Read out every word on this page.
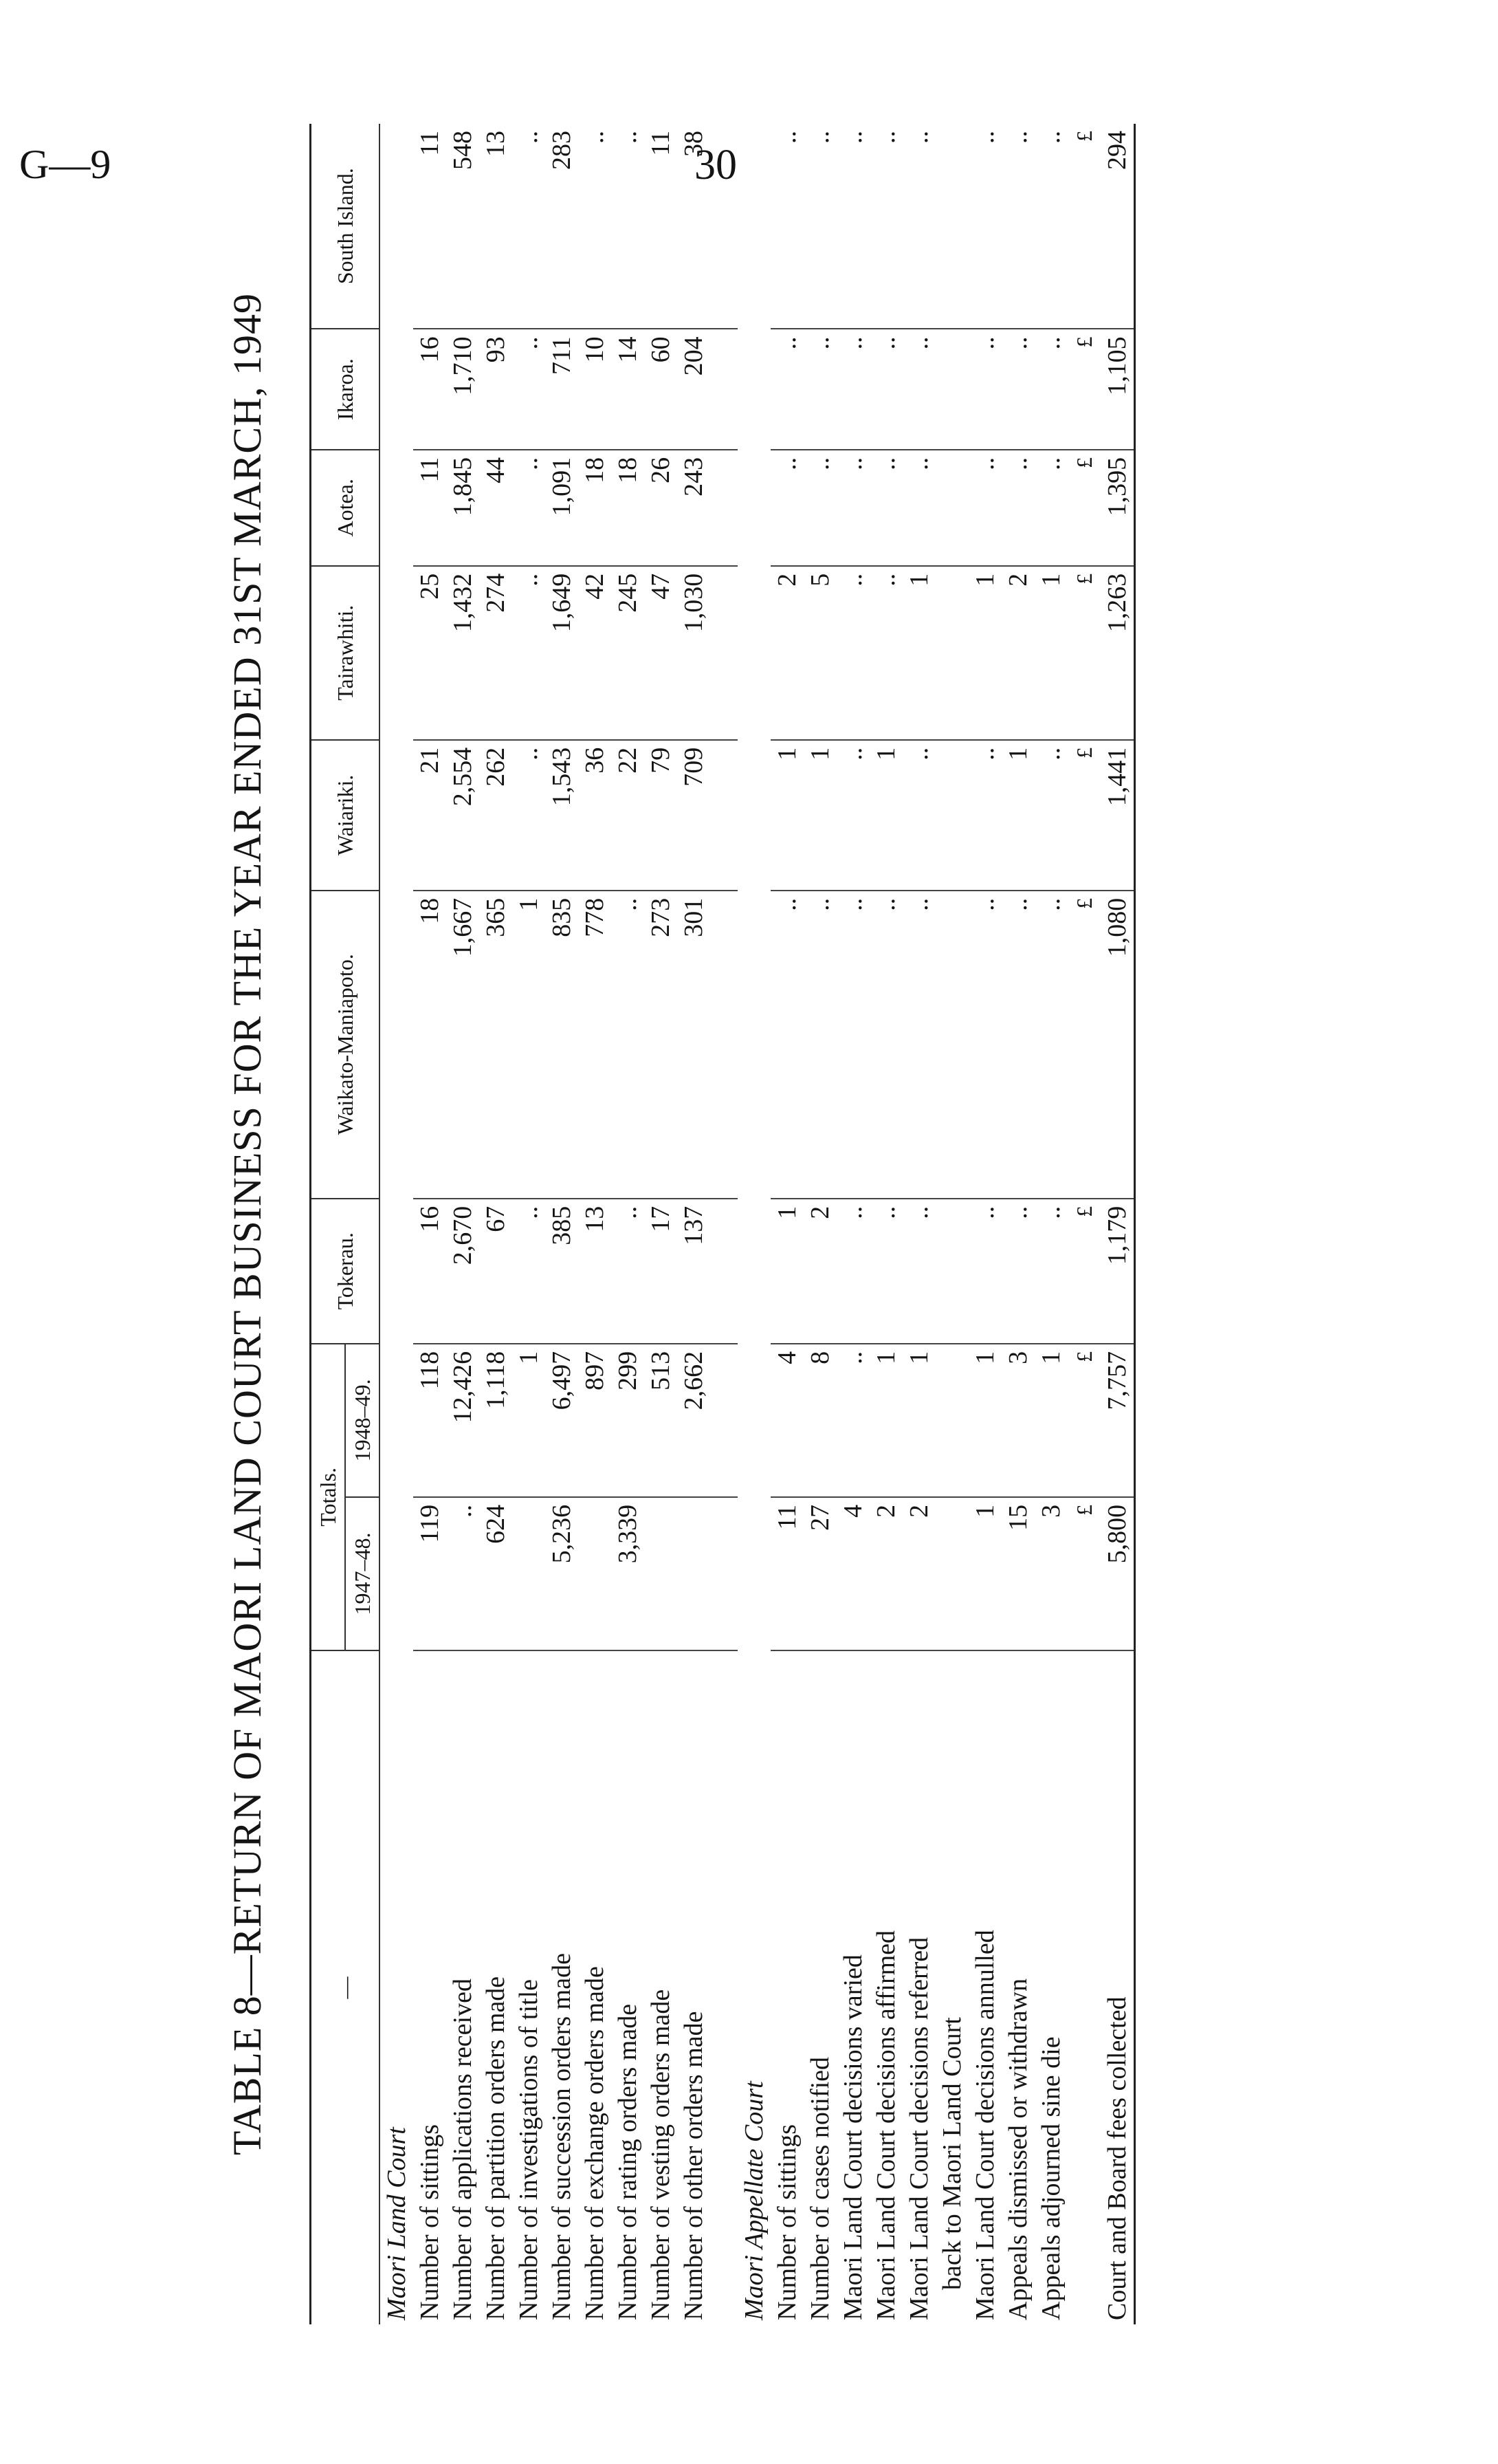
G—9	30
TABLE 8—RETURN OF MAORI LAND COURT BUSINESS FOR THE YEAR ENDED 31ST MARCH, 1949	—	Totals.		Tokerau.	Waikato-Maniapoto.	Waiariki.	Tairawhiti.	Aotea.	Ikaroa.	South Island.
	1947–48.	1948–49.							
Maori Land Court									
Number of sittings	119	118	16	18	21	25	11	16	11
Number of applications received	..	12,426	2,670	1,667	2,554	1,432	1,845	1,710	548
Number of partition orders made	624	1,118	67	365	262	274	44	93	13
Number of investigations of title		1	..	1	..	..	..	..	..
Number of succession orders made	5,236	6,497	385	835	1,543	1,649	1,091	711	283
Number of exchange orders made		897	13	778	36	42	18	10	..
Number of rating orders made	3,339	299	..	..	22	245	18	14	..
Number of vesting orders made		513	17	273	79	47	26	60	11
Number of other orders made		2,662	137	301	709	1,030	243	204	38

Maori Appellate Court									
Number of sittings	11	4	1	..	1	2	..	..	..
Number of cases notified	27	8	2	..	1	5	..	..	..
Maori Land Court decisions varied	4	..	..	..	..	..	..	..	..
Maori Land Court decisions affirmed	2	1	..	..	1	..	..	..	..
Maori Land Court decisions referred	2	1	..	..	..	1	..	..	..
back to Maori Land Court									
Maori Land Court decisions annulled	1	1	..	..	..	1	..	..	..
Appeals dismissed or withdrawn	15	3	..	..	1	2	..	..	..
Appeals adjourned sine die	3	1	..	..	..	1	..	..	..
	£	£	£	£	£	£	£	£	£
Court and Board fees collected	5,800	7,757	1,179	1,080	1,441	1,263	1,395	1,105	294
